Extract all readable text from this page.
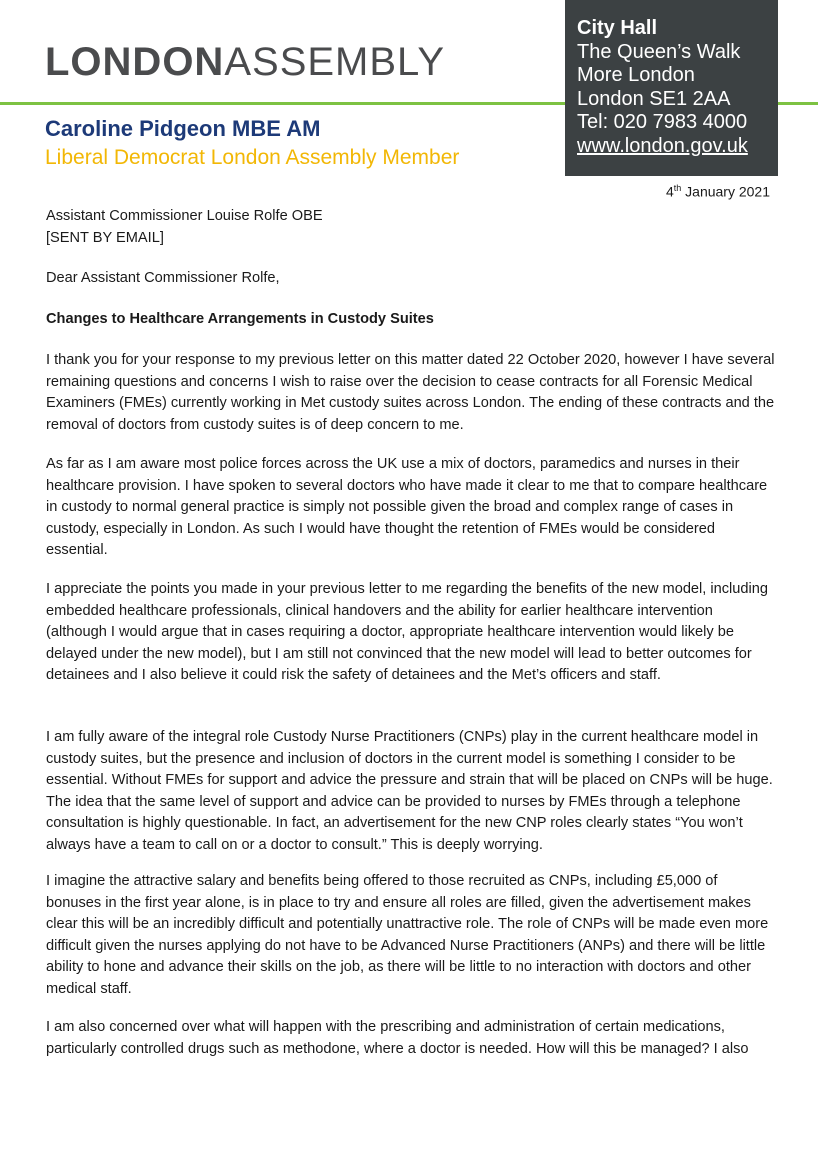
LONDONASSEMBLY
City Hall
The Queen’s Walk
More London
London SE1 2AA
Tel: 020 7983 4000
www.london.gov.uk
Caroline Pidgeon MBE AM
Liberal Democrat London Assembly Member
4th January 2021
Assistant Commissioner Louise Rolfe OBE
[SENT BY EMAIL]

Dear Assistant Commissioner Rolfe,

Changes to Healthcare Arrangements in Custody Suites

I thank you for your response to my previous letter on this matter dated 22 October 2020, however I have several remaining questions and concerns I wish to raise over the decision to cease contracts for all Forensic Medical Examiners (FMEs) currently working in Met custody suites across London. The ending of these contracts and the removal of doctors from custody suites is of deep concern to me.

As far as I am aware most police forces across the UK use a mix of doctors, paramedics and nurses in their healthcare provision. I have spoken to several doctors who have made it clear to me that to compare healthcare in custody to normal general practice is simply not possible given the broad and complex range of cases in custody, especially in London. As such I would have thought the retention of FMEs would be considered essential.

I appreciate the points you made in your previous letter to me regarding the benefits of the new model, including embedded healthcare professionals, clinical handovers and the ability for earlier healthcare intervention (although I would argue that in cases requiring a doctor, appropriate healthcare intervention would likely be delayed under the new model), but I am still not convinced that the new model will lead to better outcomes for detainees and I also believe it could risk the safety of detainees and the Met’s officers and staff.

I am fully aware of the integral role Custody Nurse Practitioners (CNPs) play in the current healthcare model in custody suites, but the presence and inclusion of doctors in the current model is something I consider to be essential. Without FMEs for support and advice the pressure and strain that will be placed on CNPs will be huge. The idea that the same level of support and advice can be provided to nurses by FMEs through a telephone consultation is highly questionable. In fact, an advertisement for the new CNP roles clearly states “You won’t always have a team to call on or a doctor to consult.” This is deeply worrying.

I imagine the attractive salary and benefits being offered to those recruited as CNPs, including £5,000 of bonuses in the first year alone, is in place to try and ensure all roles are filled, given the advertisement makes clear this will be an incredibly difficult and potentially unattractive role. The role of CNPs will be made even more difficult given the nurses applying do not have to be Advanced Nurse Practitioners (ANPs) and there will be little ability to hone and advance their skills on the job, as there will be little to no interaction with doctors and other medical staff.

I am also concerned over what will happen with the prescribing and administration of certain medications, particularly controlled drugs such as methodone, where a doctor is needed. How will this be managed? I also
